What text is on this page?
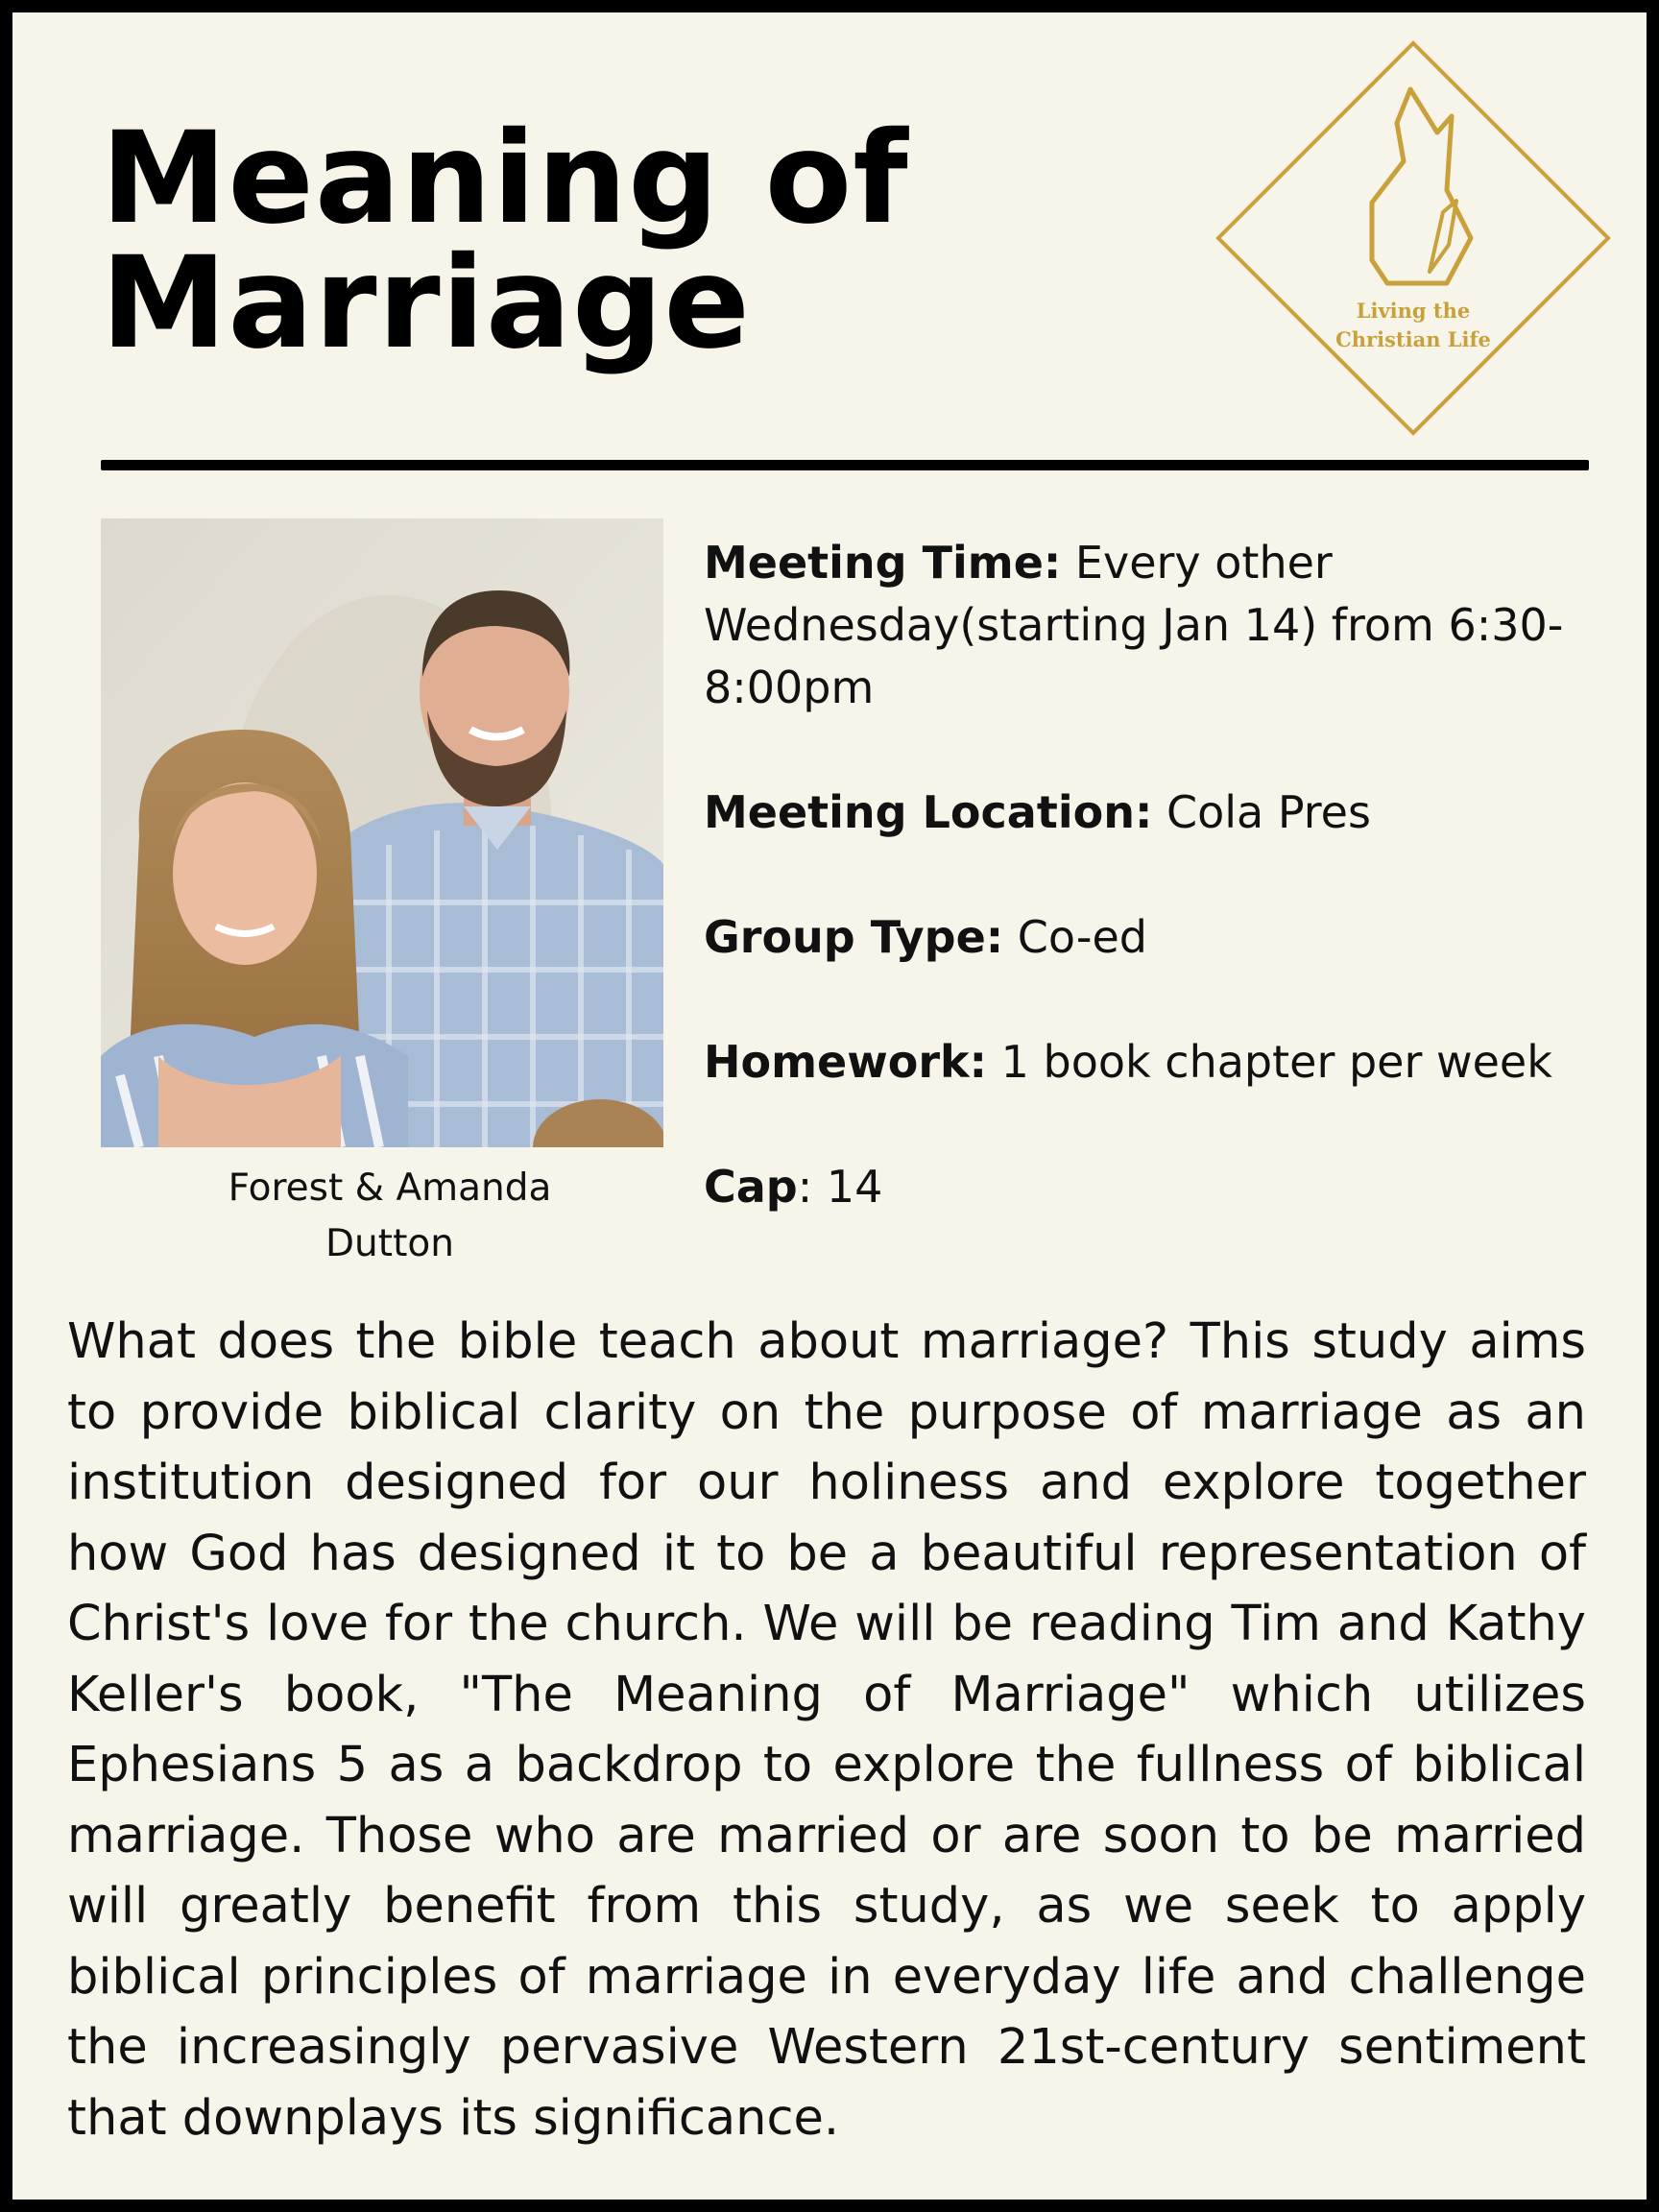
Meaning of
Marriage	Living the
Christian Life
Forest & Amanda
Dutton

Meeting Time: Every other Wednesday(starting Jan 14) from 6:30-8:00pm

Meeting Location: Cola Pres

Group Type: Co-ed

Homework: 1 book chapter per week

Cap: 14

What does the bible teach about marriage? This study aims to provide biblical clarity on the purpose of marriage as an institution designed for our holiness and explore together how God has designed it to be a beautiful representation of Christ's love for the church. We will be reading Tim and Kathy Keller's book, "The Meaning of Marriage" which utilizes Ephesians 5 as a backdrop to explore the fullness of biblical marriage. Those who are married or are soon to be married will greatly benefit from this study, as we seek to apply biblical principles of marriage in everyday life and challenge the increasingly pervasive Western 21st-century sentiment that downplays its significance.
